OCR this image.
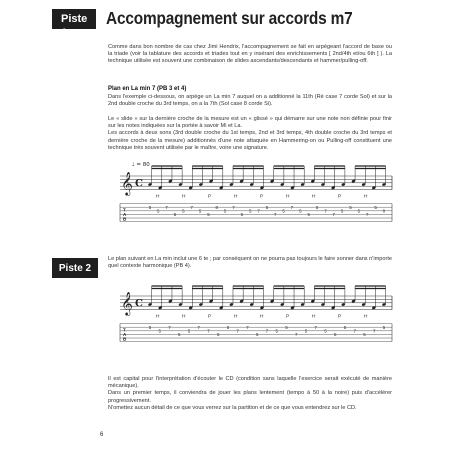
Piste 1
Accompagnement sur accords m7

Comme dans bon nombre de cas chez Jimi Hendrix, l'accompagnement se fait en arpégeant l'accord de base ou la triade (voir la tablature des accords et triades tout en y insérant des enrichissements [ 2nd/4th et/ou 6th ] ). La technique utilisée est souvent une combinaison de slides ascendants/descendants et hammer/pulling-off.

Plan en La min 7 (PB 3 et 4)

Dans l'exemple ci-dessous, on arpège un La min 7 auquel on a additionné la 11th (Ré case 7 corde Sol) et sur la 2nd double croche du 3rd temps, on a la 7th (Sol case 8 corde Si).

Le « slide » sur la dernière croche de la mesure est un « glissé » qui démarre sur une note non définie pour finir sur les notes indiquées sur la portée à savoir Mi et La.

Les accords à deux sons (3rd double croche du 1st temps, 2nd et 3rd temps, 4th double croche du 3rd temps et dernière croche de la mesure) additionnés d'une note attaquée en Hammering-on ou Pulling-off constituent une technique très souvent utilisée par le maître, voire une signature.

♩ = 80
𝄞 C
H	H	P	H	P	H	H	P	H
T
A
B
5
5
7
5
5
7
5
5
8
5
7
5
5 7
5
7
5
7
5
5
5
7
7
5
5
5
7
5
0
Piste 2

Le plan suivant en La min inclut une 6 te ; par conséquent on ne pourra pas toujours le faire sonner dans n'importe quel contexte harmonique (PB 4).

𝄞 C
H	H	P	H	H	P	H	P	H
T
A
B
5
5
7
5
5
7
7
5
5
7
7
5
7 5
5
7
5
7
5
5
5
7
5
7
5

Il est capital pour l'interprétation d'écouter le CD (condition sans laquelle l'exercice serait exécuté de manière mécanique).

Dans un premier temps, il conviendra de jouer les plans lentement (tempo à 50 à la noire) puis d'accélérer progressivement.

N'omettez aucun détail de ce que vous verrez sur la partition et de ce que vous entendrez sur le CD.

6
